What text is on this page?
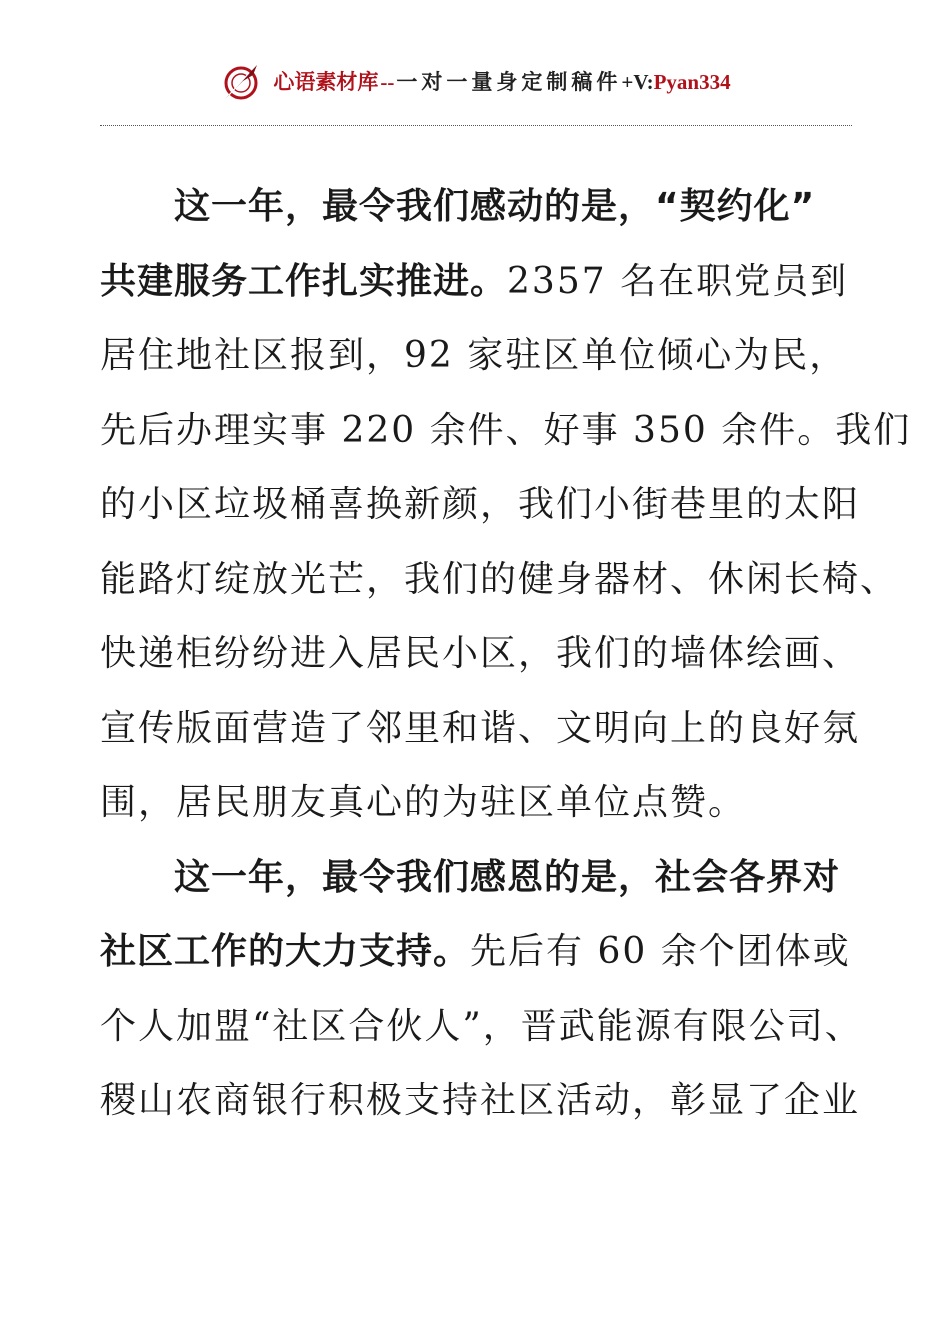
心语素材库 -- 一对一量身定制稿件 +V: Pyan334
这一年，最令我们感动的是，“契约化”
共建服务工作扎实推进。2357 名在职党员到
居住地社区报到，92 家驻区单位倾心为民，
先后办理实事 220 余件、好事 350 余件。我们
的小区垃圾桶喜换新颜，我们小街巷里的太阳
能路灯绽放光芒，我们的健身器材、休闲长椅、
快递柜纷纷进入居民小区，我们的墙体绘画、
宣传版面营造了邻里和谐、文明向上的良好氛
围，居民朋友真心的为驻区单位点赞。
这一年，最令我们感恩的是，社会各界对
社区工作的大力支持。先后有 60 余个团体或
个人加盟“社区合伙人”，晋武能源有限公司、
稷山农商银行积极支持社区活动，彰显了企业
